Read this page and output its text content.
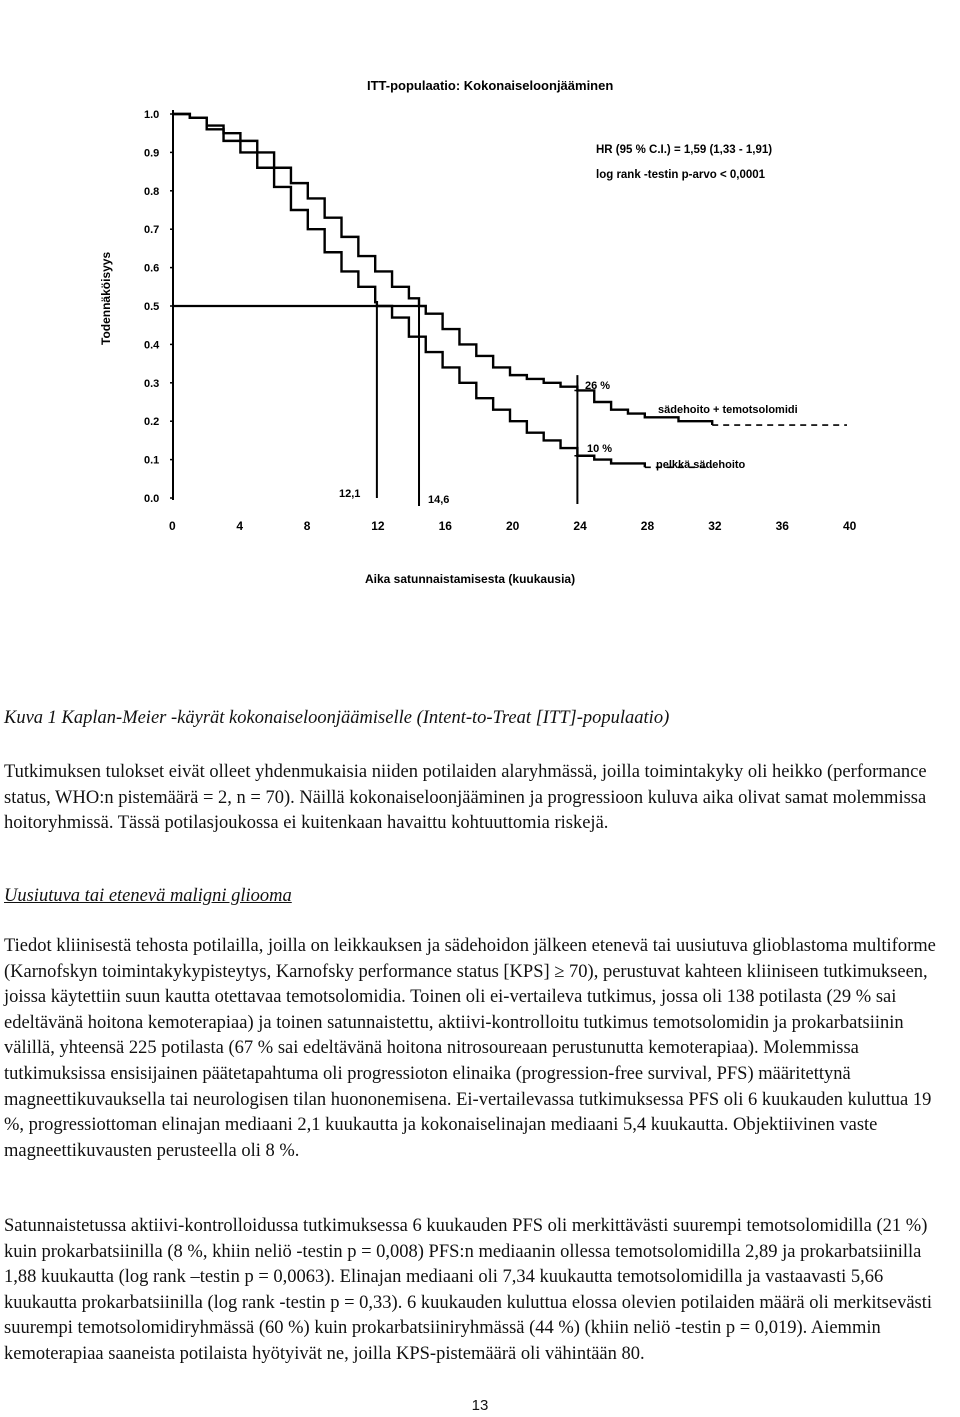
0.0
0.1
0.2
0.3
0.4
0.5
0.6
0.7
0.8
0.9
1.0
0	4	8	12	16	20	24	28	32	36	40
ITT-populaatio: Kokonaiseloonjääminen
HR (95 % C.I.) = 1,59 (1,33 - 1,91)
log rank -testin p-arvo < 0,0001
Aika satunnaistamisesta (kuukausia)
Todennäköisyys
12,1	14,6
26 %
10 %
sädehoito + temotsolomidi
pelkkä sädehoito

Kuva 1 Kaplan-Meier -käyrät kokonaiseloonjäämiselle (Intent-to-Treat [ITT]-populaatio)

Tutkimuksen tulokset eivät olleet yhdenmukaisia niiden potilaiden alaryhmässä, joilla toimintakyky oli heikko (performance status, WHO:n pistemäärä = 2, n = 70). Näillä kokonaiseloonjääminen ja progressioon kuluva aika olivat samat molemmissa hoitoryhmissä. Tässä potilasjoukossa ei kuitenkaan havaittu kohtuuttomia riskejä.

Uusiutuva tai etenevä maligni glioomа

Tiedot kliinisestä tehosta potilailla, joilla on leikkauksen ja sädehoidon jälkeen etenevä tai uusiutuva glioblastoma multiforme (Karnofskyn toimintakykypisteytys, Karnofsky performance status [KPS] ≥ 70), perustuvat kahteen kliiniseen tutkimukseen, joissa käytettiin suun kautta otettavaa temotsolomidia. Toinen oli ei-vertaileva tutkimus, jossa oli 138 potilasta (29 % sai edeltävänä hoitona kemoterapiaa) ja toinen satunnaistettu, aktiivi-kontrolloitu tutkimus temotsolomidin ja prokarbatsiinin välillä, yhteensä 225 potilasta (67 % sai edeltävänä hoitona nitrosoureaan perustunutta kemoterapiaa). Molemmissa tutkimuksissa ensisijainen päätetapahtuma oli progressioton elinaika (progression-free survival, PFS) määritettynä magneettikuvauksella tai neurologisen tilan huononemisena. Ei-vertailevassa tutkimuksessa PFS oli 6 kuukauden kuluttua 19 %, progressiottoman elinajan mediaani 2,1 kuukautta ja kokonaiselinajan mediaani 5,4 kuukautta. Objektiivinen vaste magneettikuvausten perusteella oli 8 %.

Satunnaistetussa aktiivi-kontrolloidussa tutkimuksessa 6 kuukauden PFS oli merkittävästi suurempi temotsolomidilla (21 %) kuin prokarbatsiinilla (8 %, khiin neliö -testin p = 0,008) PFS:n mediaanin ollessa temotsolomidilla 2,89 ja prokarbatsiinilla 1,88 kuukautta (log rank –testin p = 0,0063). Elinajan mediaani oli 7,34 kuukautta temotsolomidilla ja vastaavasti 5,66 kuukautta prokarbatsiinilla (log rank -testin p = 0,33). 6 kuukauden kuluttua elossa olevien potilaiden määrä oli merkitsevästi suurempi temotsolomidiryhmässä (60 %) kuin prokarbatsiiniryhmässä (44 %) (khiin neliö -testin p = 0,019). Aiemmin kemoterapiaa saaneista potilaista hyötyivät ne, joilla KPS-pistemäärä oli vähintään 80.

13
